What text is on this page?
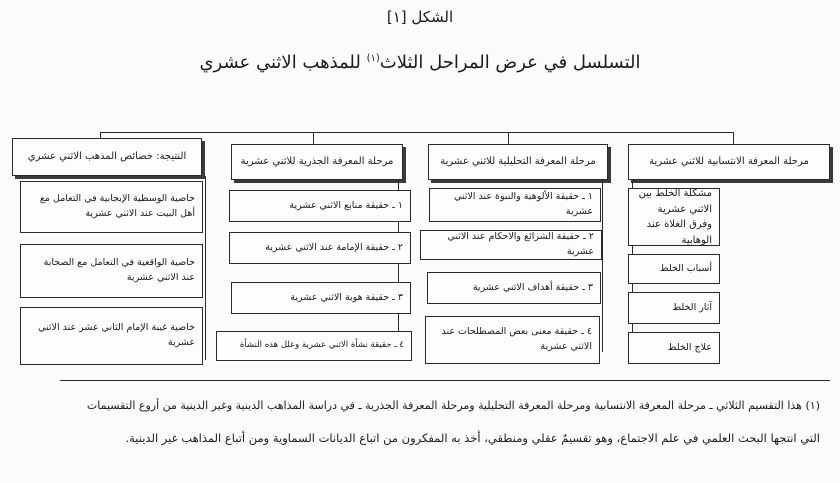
الشكل [١]
التسلسل في عرض المراحل الثلاث$^{(١)}$ للمذهب الاثني عشري
مرحلة المعرفة الانتسابية للاثني عشرية
مشكلة الخلط بين الاثني عشرية وفرق الغلاة عند الوهابية
أسباب الخلط
آثار الخلط
علاج الخلط
مرحلة المعرفة التحليلية للاثني عشرية
١ ـ حقيقة الألوهية والنبوة عند الاثني عشرية
٢ ـ حقيقة الشرائع والاحكام عند الاثني عشرية
٣ ـ حقيقة أهداف الاثني عشرية
٤ ـ حقيقة معنى بعض المصطلحات عند الاثني عشرية
مرحلة المعرفة الجذرية للاثني عشرية
١ ـ حقيقة منابع الاثني عشرية
٢ ـ حقيقة الإمامة عند الاثني عشرية
٣ ـ حقيقة هوية الاثني عشرية
٤ ـ حقيقة نشأة الاثني عشرية وعلل هذه النشأة
النتيجة: خصائص المذهب الاثني عشري
خاصية الوسطية الإيجابية في التعامل مع أهل البيت عند الاثني عشرية
خاصية الواقعية في التعامل مع الصحابة عند الاثني عشرية
خاصية غيبة الإمام الثاني عشر عند الاثني عشرية
(١) هذا التقسيم الثلاثي ـ مرحلة المعرفة الانتسابية ومرحلة المعرفة التحليلية ومرحلة المعرفة الجذرية ـ في دراسة المذاهب الدينية وغير الدينية من أروع التقسيمات
التي انتجها البحث العلمي في علم الاجتماع، وهو تقسيمٌ عقلي ومنطقي، أخذ به المفكرون من اتباع الديانات السماوية ومن أتباع المذاهب غير الدينية.
